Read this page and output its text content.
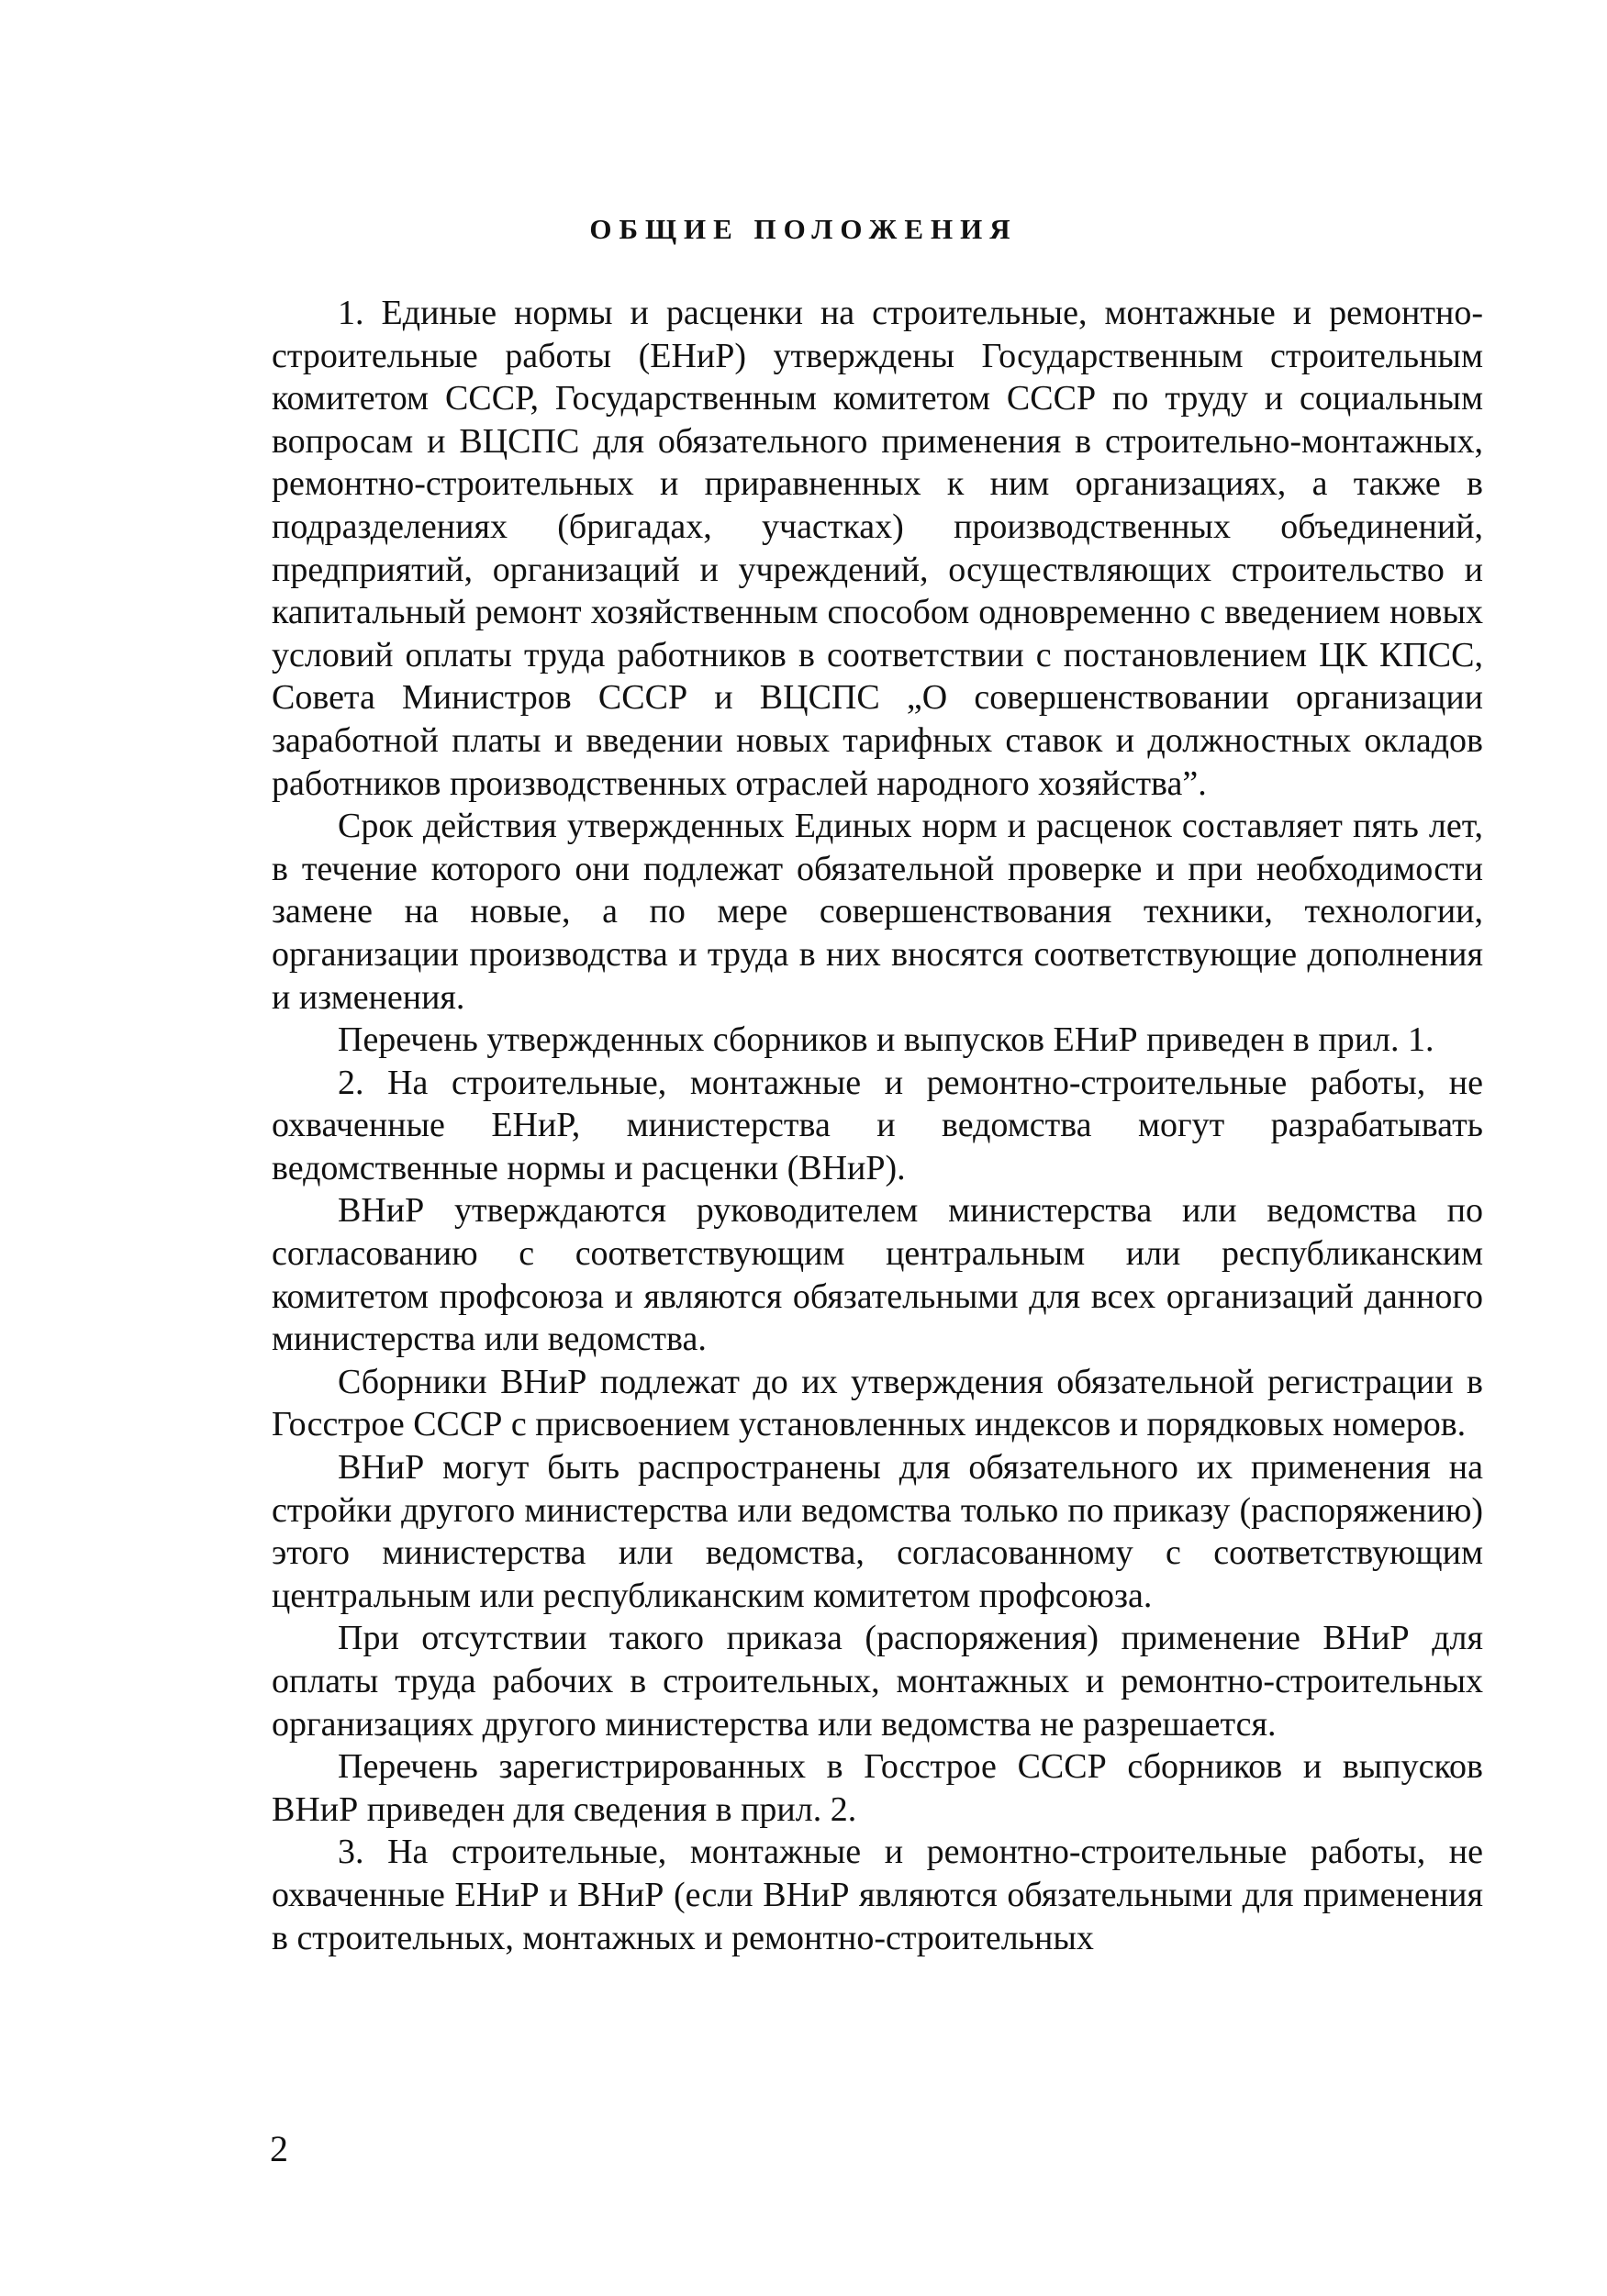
ОБЩИЕ ПОЛОЖЕНИЯ

1. Единые нормы и расценки на строительные, монтажные и ремонтно-строительные работы (ЕНиР) утверждены Государственным строительным комитетом СССР, Государственным комитетом СССР по труду и социальным вопросам и ВЦСПС для обязательного применения в строительно-монтажных, ремонтно-строительных и приравненных к ним организациях, а также в подразделениях (бригадах, участках) производственных объединений, предприятий, организаций и учреждений, осуществляющих строительство и капитальный ремонт хозяйственным способом одновременно с введением новых условий оплаты труда работников в соответствии с постановлением ЦК КПСС, Совета Министров СССР и ВЦСПС „О совершенствовании организации заработной платы и введении новых тарифных ставок и должностных окладов работников производственных отраслей народного хозяйства”.

Срок действия утвержденных Единых норм и расценок составляет пять лет, в течение которого они подлежат обязательной проверке и при необходимости замене на новые, а по мере совершенствования техники, технологии, организации производства и труда в них вносятся соответствующие дополнения и изменения.

Перечень утвержденных сборников и выпусков ЕНиР приведен в прил. 1.

2. На строительные, монтажные и ремонтно-строительные работы, не охваченные ЕНиР, министерства и ведомства могут разрабатывать ведомственные нормы и расценки (ВНиР).

ВНиР утверждаются руководителем министерства или ведомства по согласованию с соответствующим центральным или республиканским комитетом профсоюза и являются обязательными для всех организаций данного министерства или ведомства.

Сборники ВНиР подлежат до их утверждения обязательной регистрации в Госстрое СССР с присвоением установленных индексов и порядковых номеров.

ВНиР могут быть распространены для обязательного их применения на стройки другого министерства или ведомства только по приказу (распоряжению) этого министерства или ведомства, согласованному с соответствующим центральным или республиканским комитетом профсоюза.

При отсутствии такого приказа (распоряжения) применение ВНиР для оплаты труда рабочих в строительных, монтажных и ремонтно-строительных организациях другого министерства или ведомства не разрешается.

Перечень зарегистрированных в Госстрое СССР сборников и выпусков ВНиР приведен для сведения в прил. 2.

3. На строительные, монтажные и ремонтно-строительные работы, не охваченные ЕНиР и ВНиР (если ВНиР являются обязательными для применения в строительных, монтажных и ремонтно-строительных

2
